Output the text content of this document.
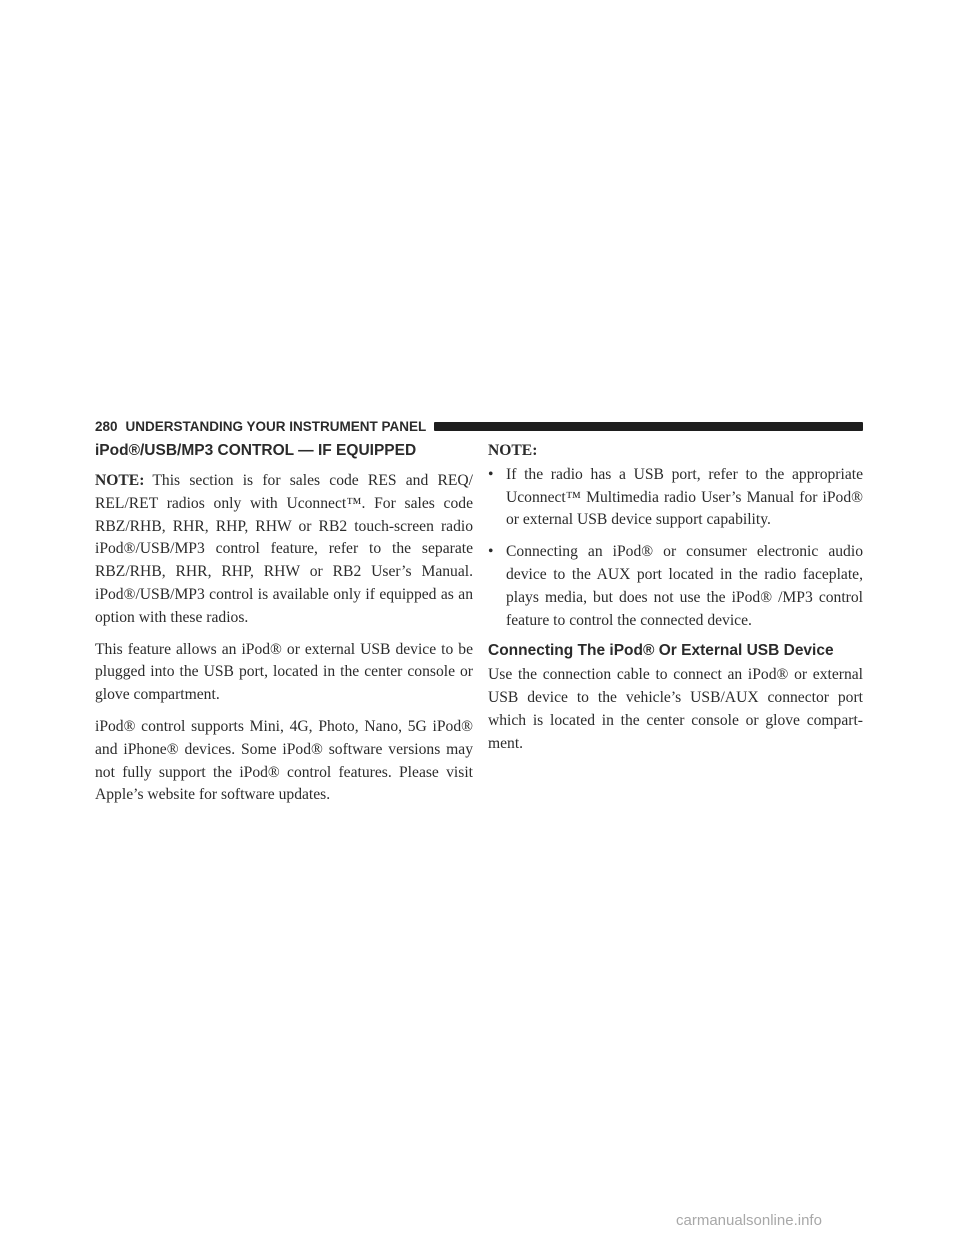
280 UNDERSTANDING YOUR INSTRUMENT PANEL
iPod®/USB/MP3 CONTROL — IF EQUIPPED

NOTE: This section is for sales code RES and REQ/ REL/RET radios only with Uconnect™. For sales code RBZ/RHB, RHR, RHP, RHW or RB2 touch-screen radio iPod®/USB/MP3 control feature, refer to the separate RBZ/RHB, RHR, RHP, RHW or RB2 User’s Manual. iPod®/USB/MP3 control is available only if equipped as an option with these radios.

This feature allows an iPod® or external USB device to be plugged into the USB port, located in the center console or glove compartment.

iPod® control supports Mini, 4G, Photo, Nano, 5G iPod® and iPhone® devices. Some iPod® software versions may not fully support the iPod® control features. Please visit Apple’s website for software updates.

NOTE:
• If the radio has a USB port, refer to the appropriate Uconnect™ Multimedia radio User’s Manual for iPod® or external USB device support capability.
• Connecting an iPod® or consumer electronic audio device to the AUX port located in the radio faceplate, plays media, but does not use the iPod® /MP3 control feature to control the connected device.
Connecting The iPod® Or External USB Device

Use the connection cable to connect an iPod® or external USB device to the vehicle’s USB/AUX connector port which is located in the center console or glove compart- ment.

carmanualsonline.info
